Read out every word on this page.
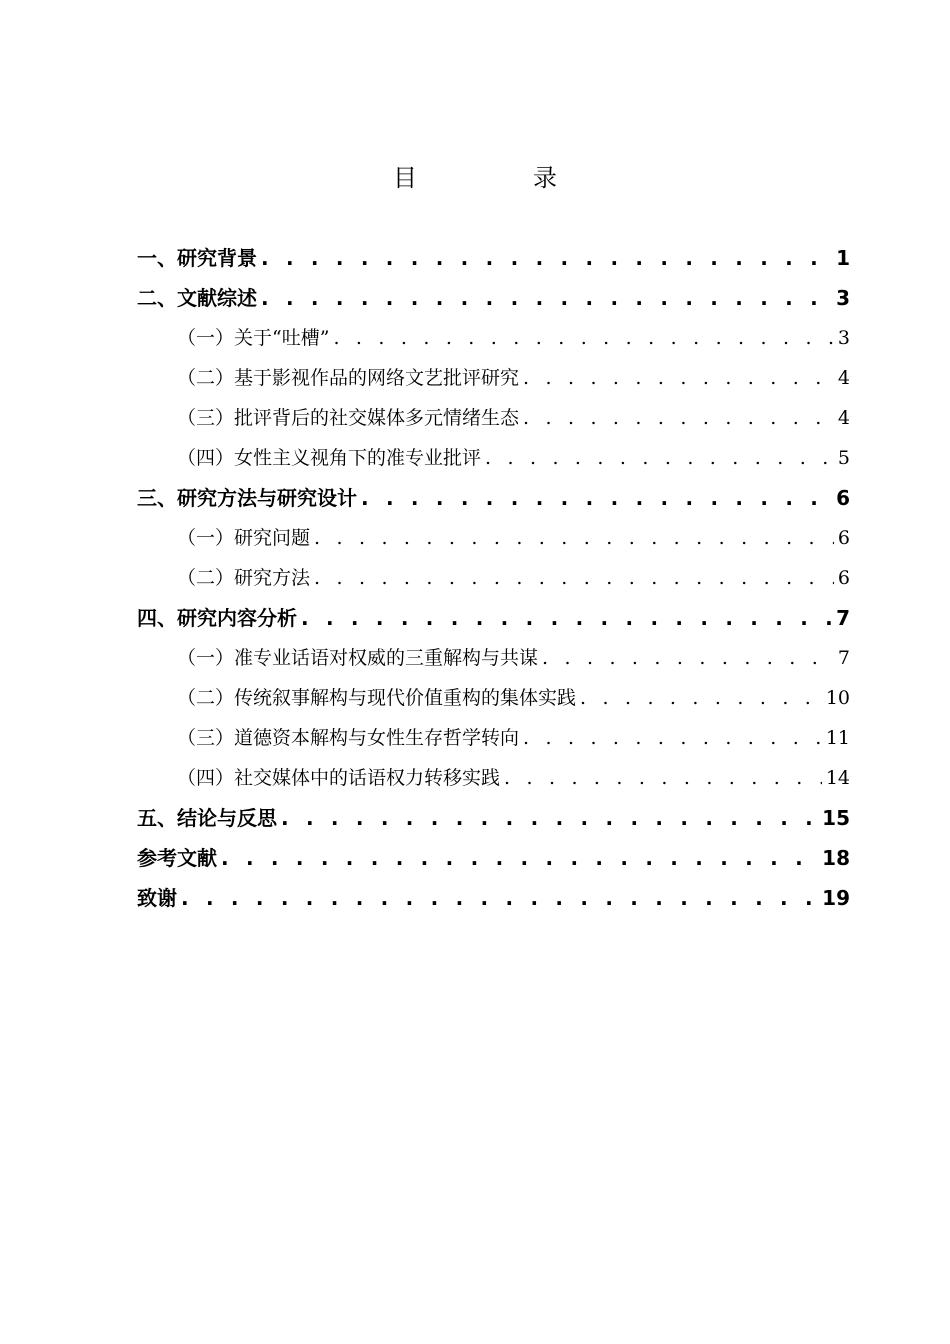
目　录
一、研究背景 . . .	1
二、文献综述 . . .	3
（一）关于“吐槽” . . .	3
（二）基于影视作品的网络文艺批评研究 . . .	4
（三）批评背后的社交媒体多元情绪生态 . . .	4
（四）女性主义视角下的准专业批评 . . .	5
三、研究方法与研究设计 . . .	6
（一）研究问题 . . .	6
（二）研究方法 . . .	6
四、研究内容分析 . . .	7
（一）准专业话语对权威的三重解构与共谋 . . .	7
（二）传统叙事解构与现代价值重构的集体实践 . . .	10
（三）道德资本解构与女性生存哲学转向 . . .	11
（四）社交媒体中的话语权力转移实践 . . .	14
五、结论与反思 . . .	15
参考文献 . . .	18
致谢 . . .	19
